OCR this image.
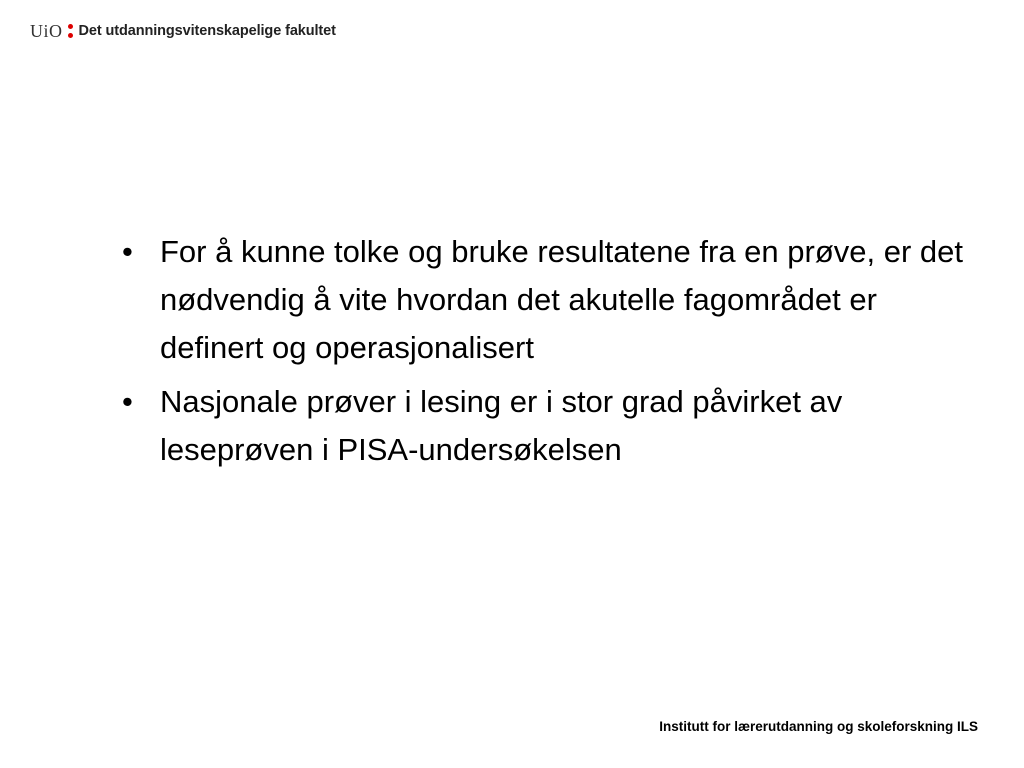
UiO Det utdanningsvitenskapelige fakultet
• For å kunne tolke og bruke resultatene fra en prøve, er det nødvendig å vite hvordan det akutelle fagområdet er definert og operasjonalisert
• Nasjonale prøver i lesing er i stor grad påvirket av leseprøven i PISA-undersøkelsen
Institutt for lærerutdanning og skoleforskning ILS
